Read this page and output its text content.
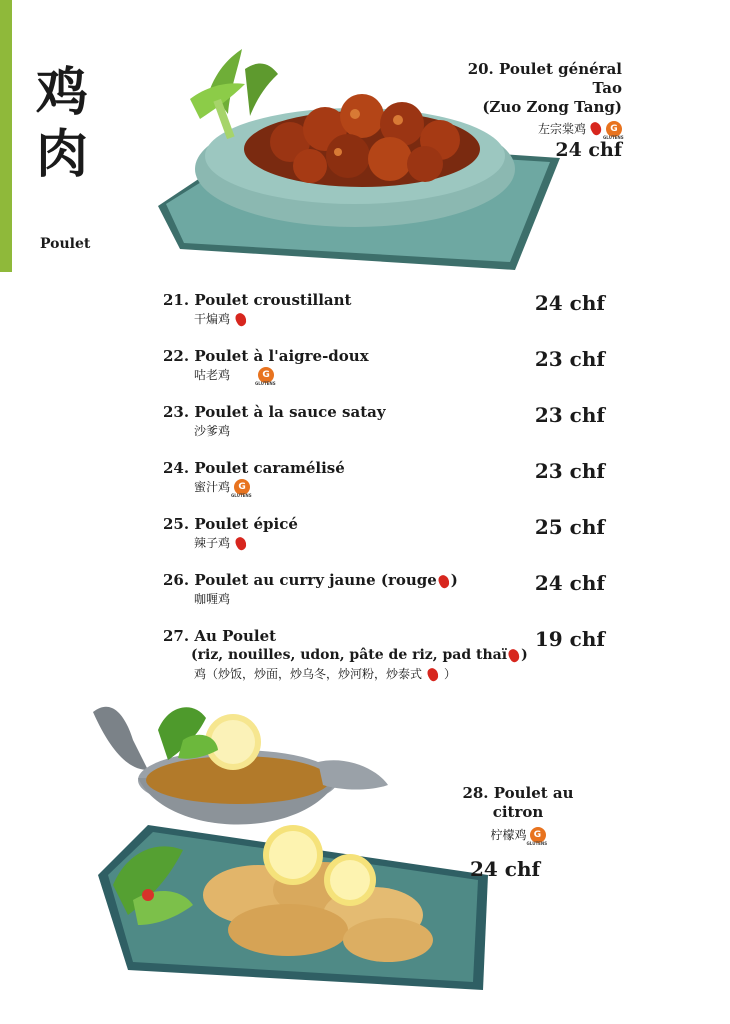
鸡
肉
Poulet
20. Poulet général Tao
(Zuo Zong Tang)
左宗棠鸡	G GLUTENS
24 chf
21. Poulet croustillant
干煸鸡
24 chf
22. Poulet à l'aigre-doux
咕老鸡	G GLUTENS
23 chf
23. Poulet à la sauce satay
沙爹鸡
23 chf
24. Poulet caramélisé
蜜汁鸡 G GLUTENS
23 chf
25. Poulet épicé
辣子鸡
25 chf
26. Poulet au curry jaune (rouge )
咖喱鸡
24 chf
27. Au Poulet
(riz, nouilles, udon, pâte de riz, pad thaï )
鸡（炒饭，炒面，炒乌冬，炒河粉，炒泰式 ）
19 chf
28. Poulet au citron
柠檬鸡 G GLUTENS
24 chf
